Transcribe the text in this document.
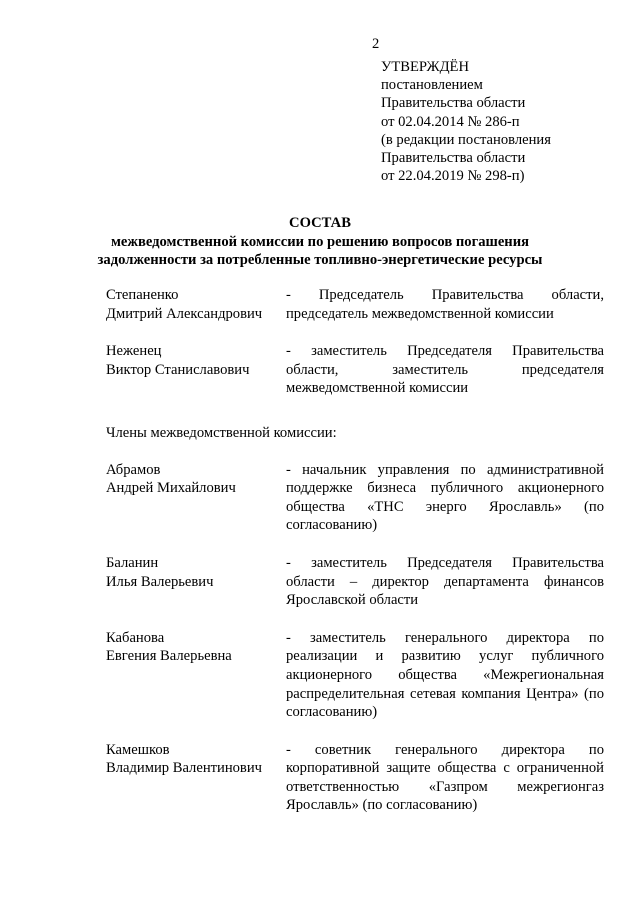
2
УТВЕРЖДЁН
постановлением
Правительства области
от 02.04.2014 № 286-п
(в редакции постановления
Правительства области
от 22.04.2019 № 298-п)
СОСТАВ
межведомственной комиссии по решению вопросов погашения
задолженности за потребленные топливно-энергетические ресурсы
Степаненко
Дмитрий Александрович
- Председатель Правительства области, председатель межведомственной комиссии
Неженец
Виктор Станиславович
- заместитель Председателя Правительства области, заместитель председателя межведомственной комиссии
Члены межведомственной комиссии:
Абрамов
Андрей Михайлович
- начальник управления по административной поддержке бизнеса публичного акционерного общества «ТНС энерго Ярославль» (по согласованию)
Баланин
Илья Валерьевич
- заместитель Председателя Правительства области – директор департамента финансов Ярославской области
Кабанова
Евгения Валерьевна
- заместитель генерального директора по реализации и развитию услуг публичного акционерного общества «Межрегиональная распределительная сетевая компания Центра» (по согласованию)
Камешков
Владимир Валентинович
- советник генерального директора по корпоративной защите общества с ограниченной ответственностью «Газпром межрегионгаз Ярославль» (по согласованию)
